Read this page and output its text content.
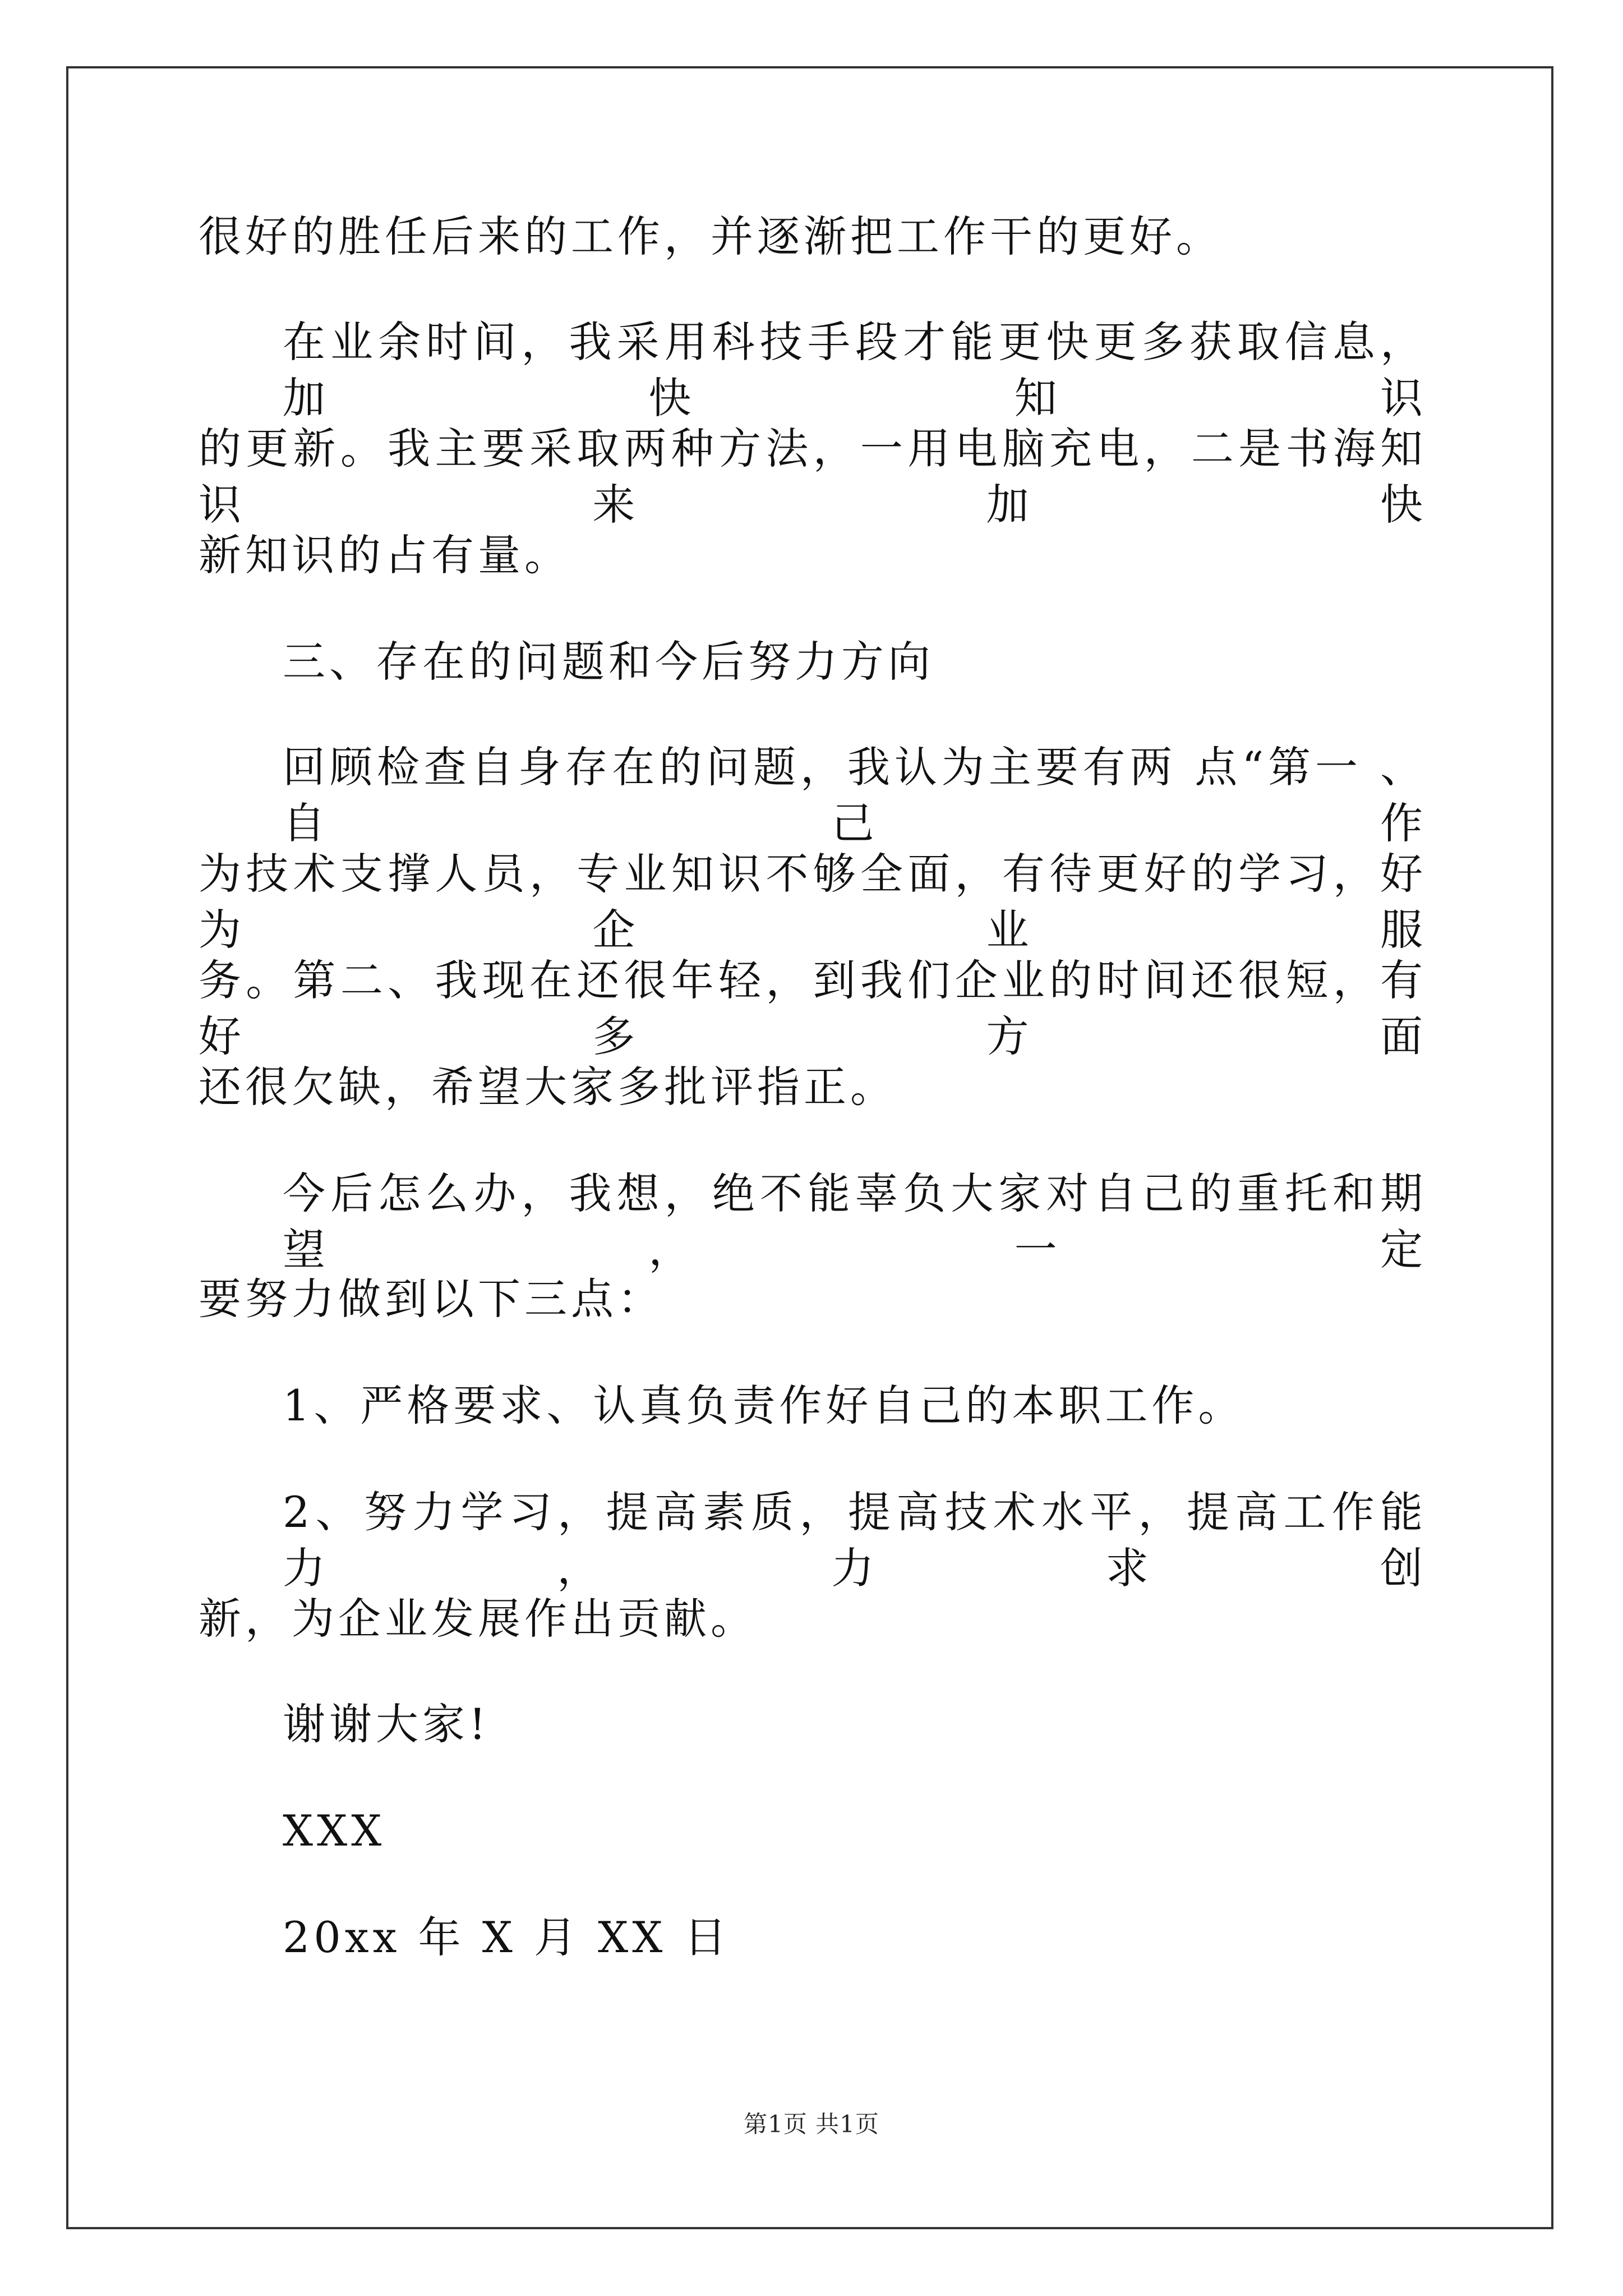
很好的胜任后来的工作，并逐渐把工作干的更好。
在业余时间，我采用科技手段才能更快更多获取信息，加快知识
的更新。我主要采取两种方法，一用电脑充电，二是书海知识来加快
新知识的占有量。
三、存在的问题和今后努力方向
回顾检查自身存在的问题，我认为主要有两 点“第一 、自己作
为技术支撑人员，专业知识不够全面，有待更好的学习，好为企业服
务。第二、我现在还很年轻，到我们企业的时间还很短，有好多方面
还很欠缺，希望大家多批评指正。
今后怎么办，我想，绝不能辜负大家对自己的重托和期望，一定
要努力做到以下三点：
1、严格要求、认真负责作好自己的本职工作。
2、努力学习，提高素质，提高技术水平，提高工作能力，力求创
新，为企业发展作出贡献。
谢谢大家!
XXX
20xx 年 X 月 XX 日
第1页 共1页
